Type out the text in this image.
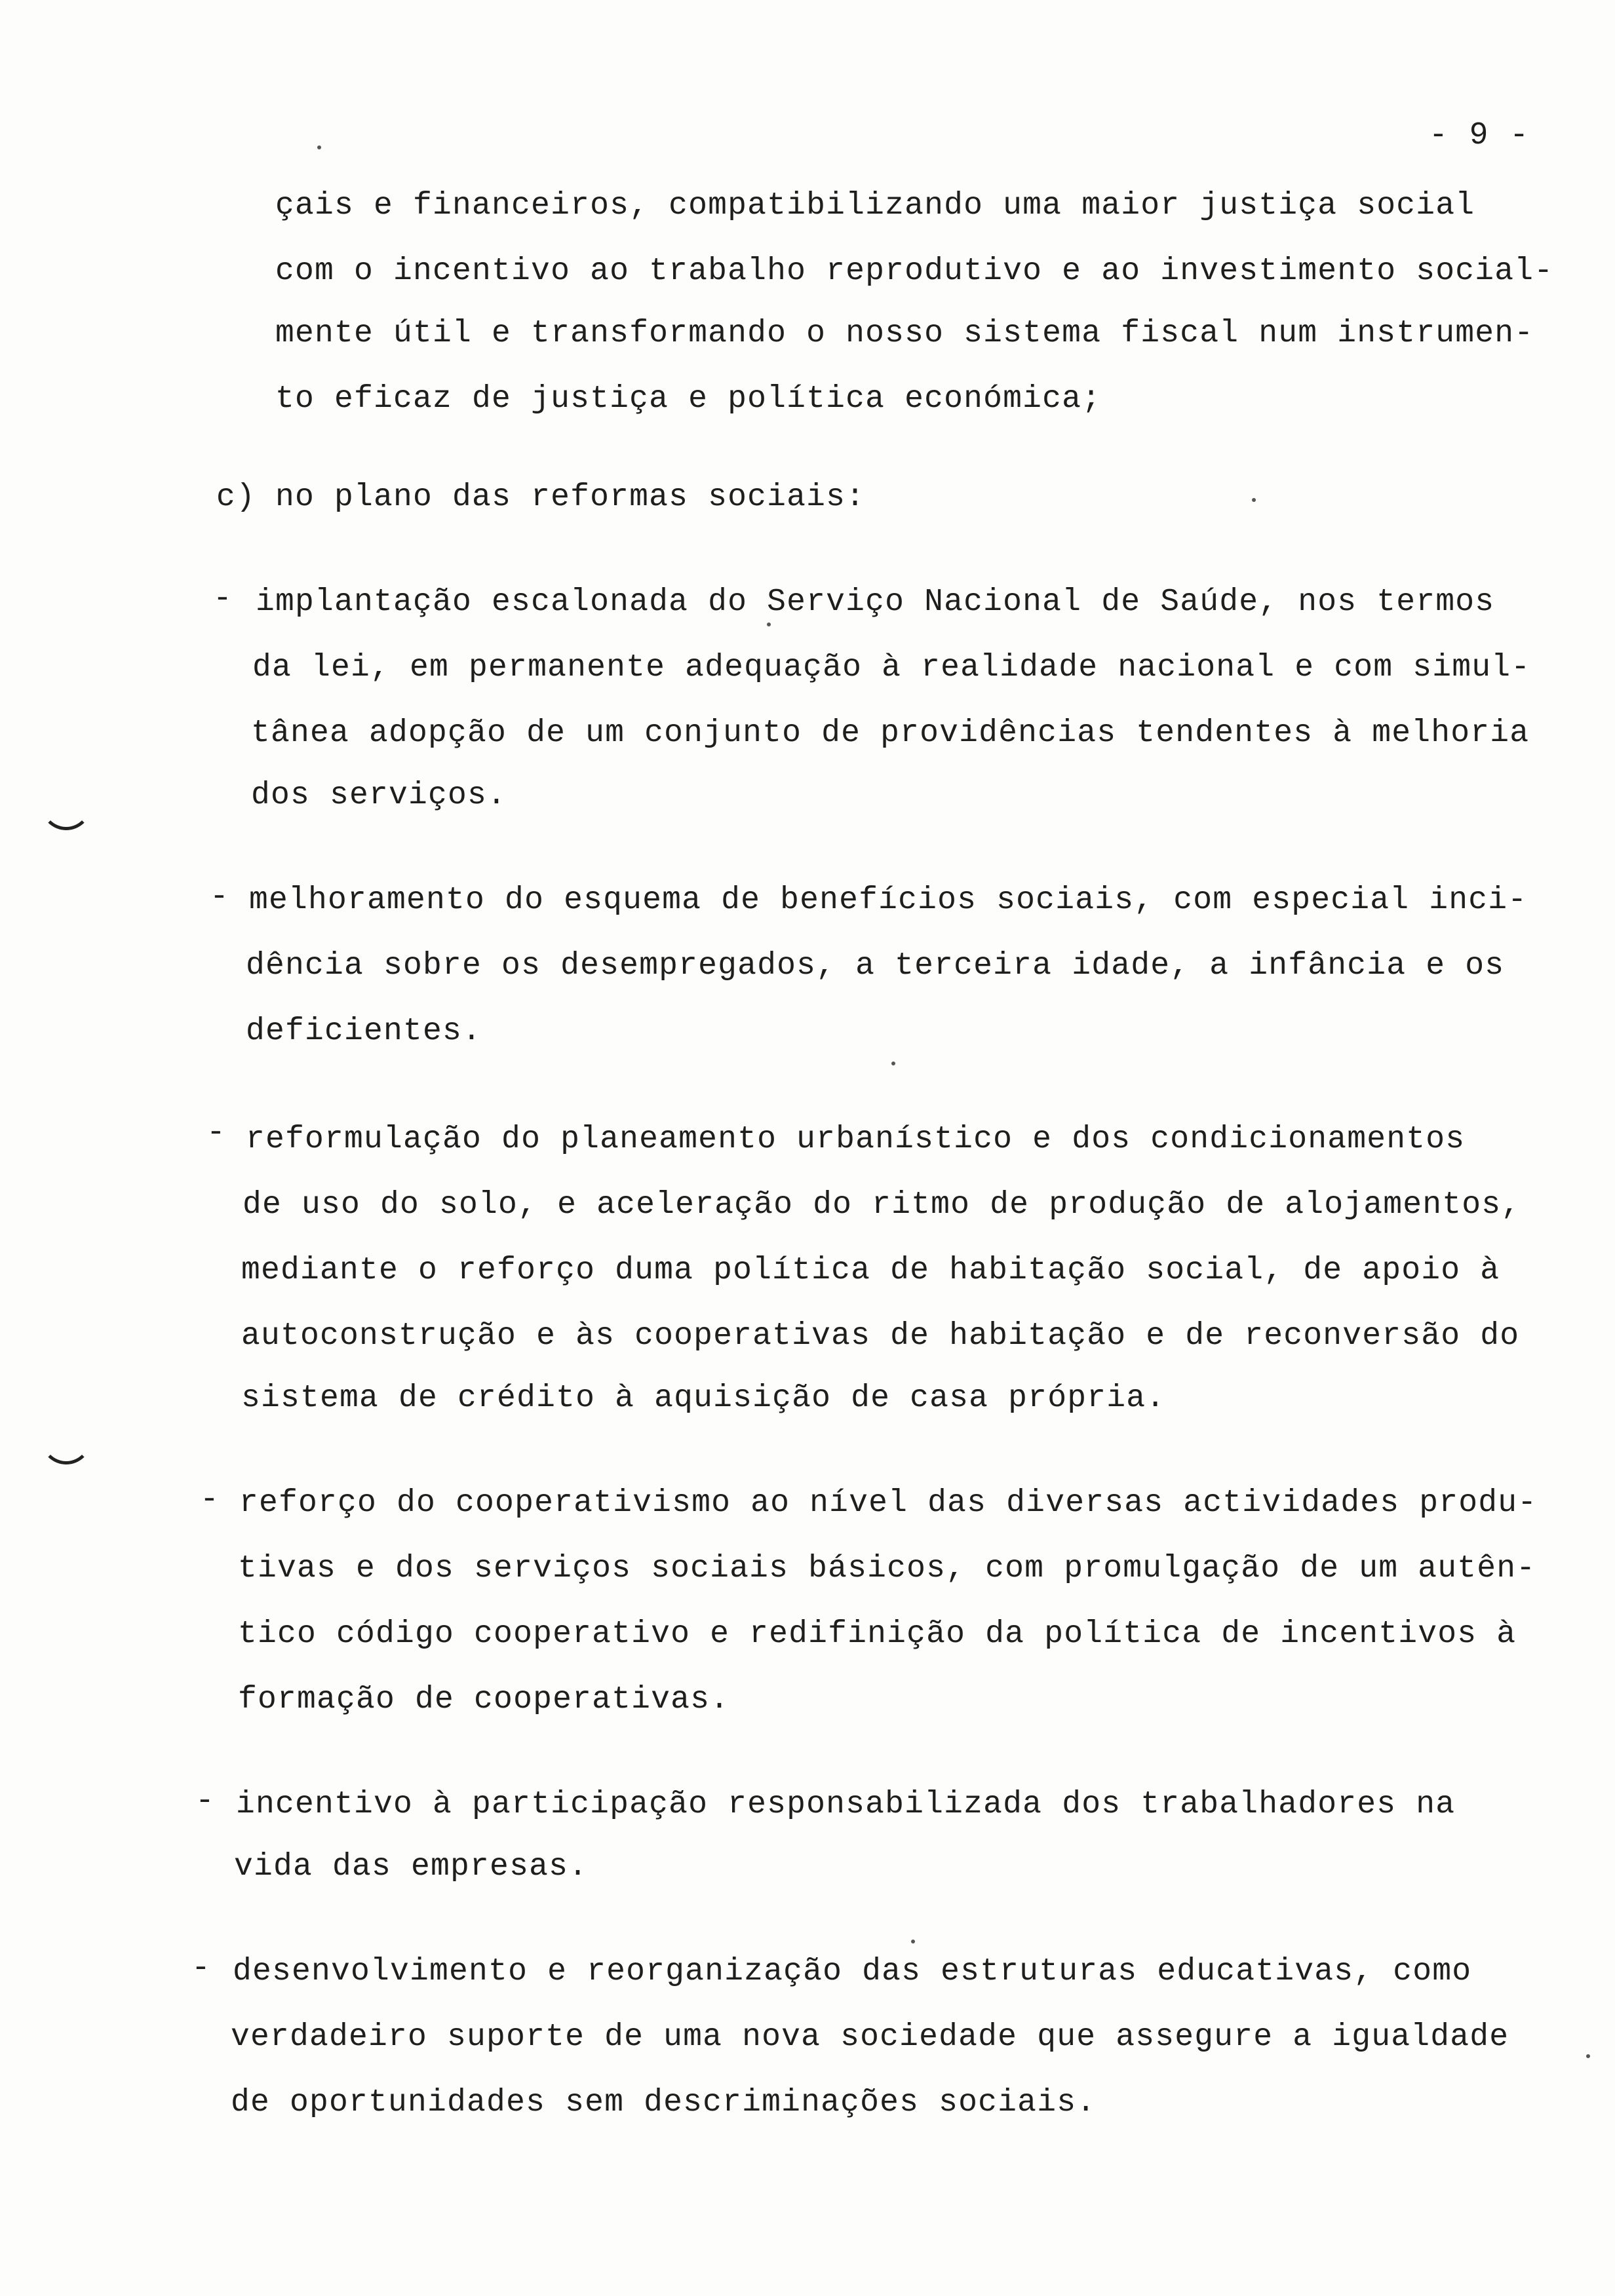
- 9 -
çais e financeiros, compatibilizando uma maior justiça social
com o incentivo ao trabalho reprodutivo e ao investimento social-
mente útil e transformando o nosso sistema fiscal num instrumen-
to eficaz de justiça e política económica;
c) no plano das reformas sociais:
- implantação escalonada do Serviço Nacional de Saúde, nos termos
da lei, em permanente adequação à realidade nacional e com simul-
tânea adopção de um conjunto de providências tendentes à melhoria
dos serviços.
- melhoramento do esquema de benefícios sociais, com especial inci-
dência sobre os desempregados, a terceira idade, a infância e os
deficientes.
- reformulação do planeamento urbanístico e dos condicionamentos
de uso do solo, e aceleração do ritmo de produção de alojamentos,
mediante o reforço duma política de habitação social, de apoio à
autoconstrução e às cooperativas de habitação e de reconversão do
sistema de crédito à aquisição de casa própria.
- reforço do cooperativismo ao nível das diversas actividades produ-
tivas e dos serviços sociais básicos, com promulgação de um autên-
tico código cooperativo e redifinição da política de incentivos à
formação de cooperativas.
- incentivo à participação responsabilizada dos trabalhadores na
vida das empresas.
- desenvolvimento e reorganização das estruturas educativas, como
verdadeiro suporte de uma nova sociedade que assegure a igualdade
de oportunidades sem descriminações sociais.
